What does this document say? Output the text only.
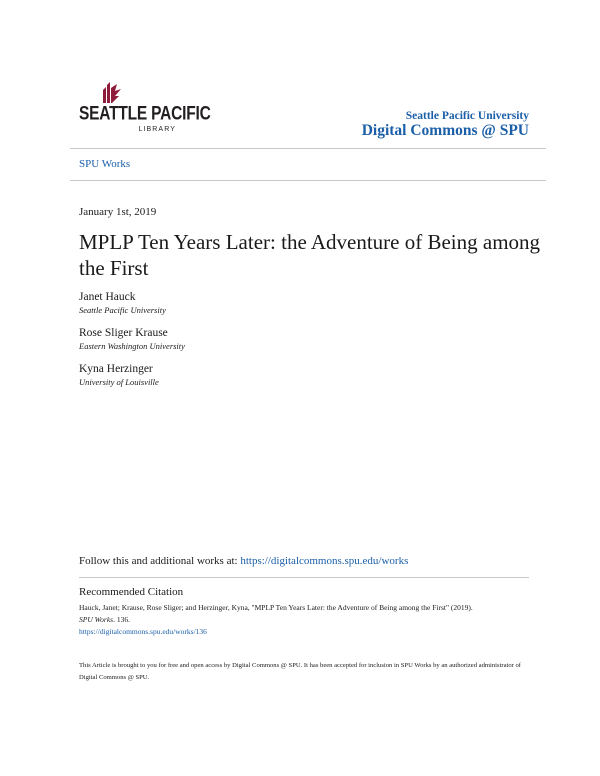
SEATTLE PACIFIC
LIBRARY
Seattle Pacific University
Digital Commons @ SPU
SPU Works
January 1st, 2019
MPLP Ten Years Later: the Adventure of Being among the First
Janet Hauck
Seattle Pacific University
Rose Sliger Krause
Eastern Washington University
Kyna Herzinger
University of Louisville
Follow this and additional works at: https://digitalcommons.spu.edu/works
Recommended Citation
Hauck, Janet; Krause, Rose Sliger; and Herzinger, Kyna, "MPLP Ten Years Later: the Adventure of Being among the First" (2019).
SPU Works. 136.
https://digitalcommons.spu.edu/works/136
This Article is brought to you for free and open access by Digital Commons @ SPU. It has been accepted for inclusion in SPU Works by an authorized administrator of Digital Commons @ SPU.
